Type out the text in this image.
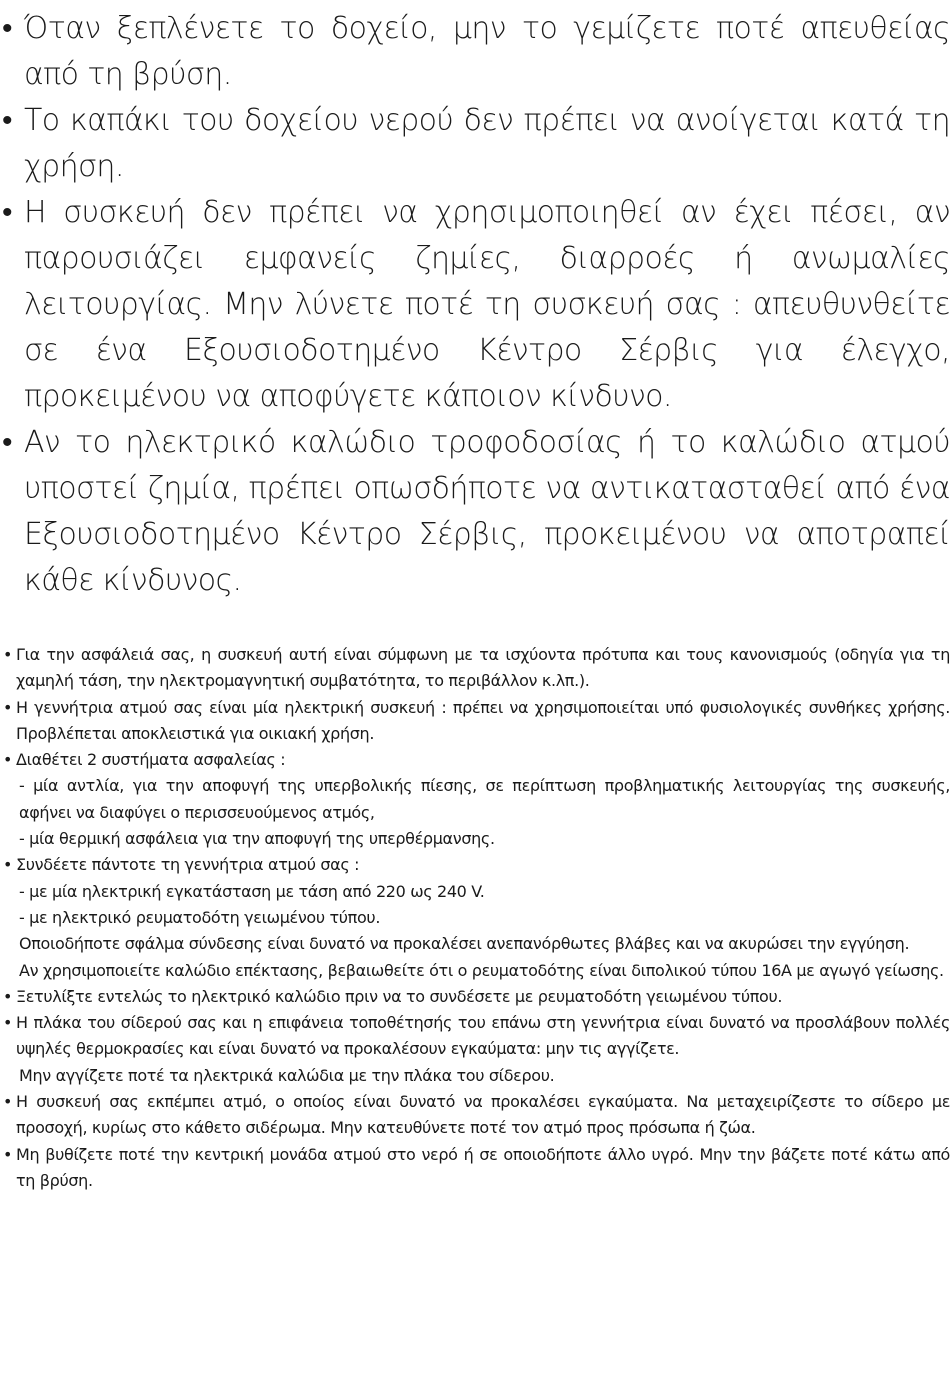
• Όταν ξεπλένετε το δοχείο, μην το γεμίζετε ποτέ απευθείας από τη βρύση.

• Το καπάκι του δοχείου νερού δεν πρέπει να ανοίγεται κατά τη χρήση.

• Η συσκευή δεν πρέπει να χρησιμοποιηθεί αν έχει πέσει, αν παρουσιάζει εμφανείς ζημίες, διαρροές ή ανωμαλίες λειτουργίας. Μην λύνετε ποτέ τη συσκευή σας : απευθυνθείτε σε ένα Εξουσιοδοτημένο Κέντρο Σέρβις για έλεγχο, προκειμένου να αποφύγετε κάποιον κίνδυνο.

• Αν το ηλεκτρικό καλώδιο τροφοδοσίας ή το καλώδιο ατμού υποστεί ζημία, πρέπει οπωσδήποτε να αντικατασταθεί από ένα Εξουσιοδοτημένο Κέντρο Σέρβις, προκειμένου να αποτραπεί κάθε κίνδυνος.

• Για την ασφάλειά σας, η συσκευή αυτή είναι σύμφωνη με τα ισχύοντα πρότυπα και τους κανονισμούς (οδηγία για τη χαμηλή τάση, την ηλεκτρομαγνητική συμβατότητα, το περιβάλλον κ.λπ.).

• Η γεννήτρια ατμού σας είναι μία ηλεκτρική συσκευή : πρέπει να χρησιμοποιείται υπό φυσιολογικές συνθήκες χρήσης. Προβλέπεται αποκλειστικά για οικιακή χρήση.

• Διαθέτει 2 συστήματα ασφαλείας :

- μία αντλία, για την αποφυγή της υπερβολικής πίεσης, σε περίπτωση προβληματικής λειτουργίας της συσκευής, αφήνει να διαφύγει ο περισσευούμενος ατμός,

- μία θερμική ασφάλεια για την αποφυγή της υπερθέρμανσης.

• Συνδέετε πάντοτε τη γεννήτρια ατμού σας :

- με μία ηλεκτρική εγκατάσταση με τάση από 220 ως 240 V.

- με ηλεκτρικό ρευματοδότη γειωμένου τύπου.

Οποιοδήποτε σφάλμα σύνδεσης είναι δυνατό να προκαλέσει ανεπανόρθωτες βλάβες και να ακυρώσει την εγγύηση.

Αν χρησιμοποιείτε καλώδιο επέκτασης, βεβαιωθείτε ότι ο ρευματοδότης είναι διπολικού τύπου 16A με αγωγό γείωσης.

• Ξετυλίξτε εντελώς το ηλεκτρικό καλώδιο πριν να το συνδέσετε με ρευματοδότη γειωμένου τύπου.

• Η πλάκα του σίδερού σας και η επιφάνεια τοποθέτησής του επάνω στη γεννήτρια είναι δυνατό να προσλάβουν πολλές υψηλές θερμοκρασίες και είναι δυνατό να προκαλέσουν εγκαύματα: μην τις αγγίζετε.

Μην αγγίζετε ποτέ τα ηλεκτρικά καλώδια με την πλάκα του σίδερου.

• Η συσκευή σας εκπέμπει ατμό, ο οποίος είναι δυνατό να προκαλέσει εγκαύματα. Να μεταχειρίζεστε το σίδερο με προσοχή, κυρίως στο κάθετο σιδέρωμα. Μην κατευθύνετε ποτέ τον ατμό προς πρόσωπα ή ζώα.

• Μη βυθίζετε ποτέ την κεντρική μονάδα ατμού στο νερό ή σε οποιοδήποτε άλλο υγρό. Μην την βάζετε ποτέ κάτω από τη βρύση.
